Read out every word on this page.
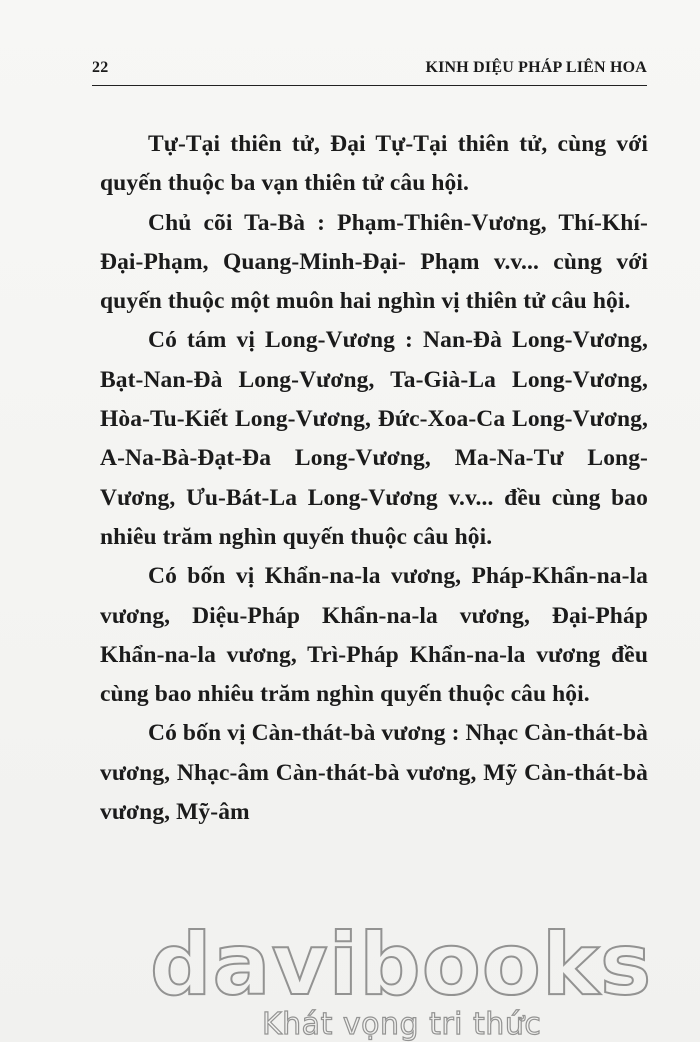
22	KINH DIỆU PHÁP LIÊN HOA

Tự-Tại thiên tử, Đại Tự-Tại thiên tử, cùng với quyến thuộc ba vạn thiên tử câu hội.

Chủ cõi Ta-Bà : Phạm-Thiên-Vương, Thí-Khí-Đại-Phạm, Quang-Minh-Đại- Phạm v.v... cùng với quyến thuộc một muôn hai nghìn vị thiên tử câu hội.

Có tám vị Long-Vương : Nan-Đà Long-Vương, Bạt-Nan-Đà Long-Vương, Ta-Già-La Long-Vương, Hòa-Tu-Kiết Long-Vương, Đức-Xoa-Ca Long-Vương, A-Na-Bà-Đạt-Đa Long-Vương, Ma-Na-Tư Long-Vương, Ưu-Bát-La Long-Vương v.v... đều cùng bao nhiêu trăm nghìn quyến thuộc câu hội.

Có bốn vị Khẩn-na-la vương, Pháp-Khẩn-na-la vương, Diệu-Pháp Khẩn-na-la vương, Đại-Pháp Khẩn-na-la vương, Trì-Pháp Khẩn-na-la vương đều cùng bao nhiêu trăm nghìn quyến thuộc câu hội.

Có bốn vị Càn-thát-bà vương : Nhạc Càn-thát-bà vương, Nhạc-âm Càn-thát-bà vương, Mỹ Càn-thát-bà vương, Mỹ-âm

davibooks
Khát vọng tri thức
